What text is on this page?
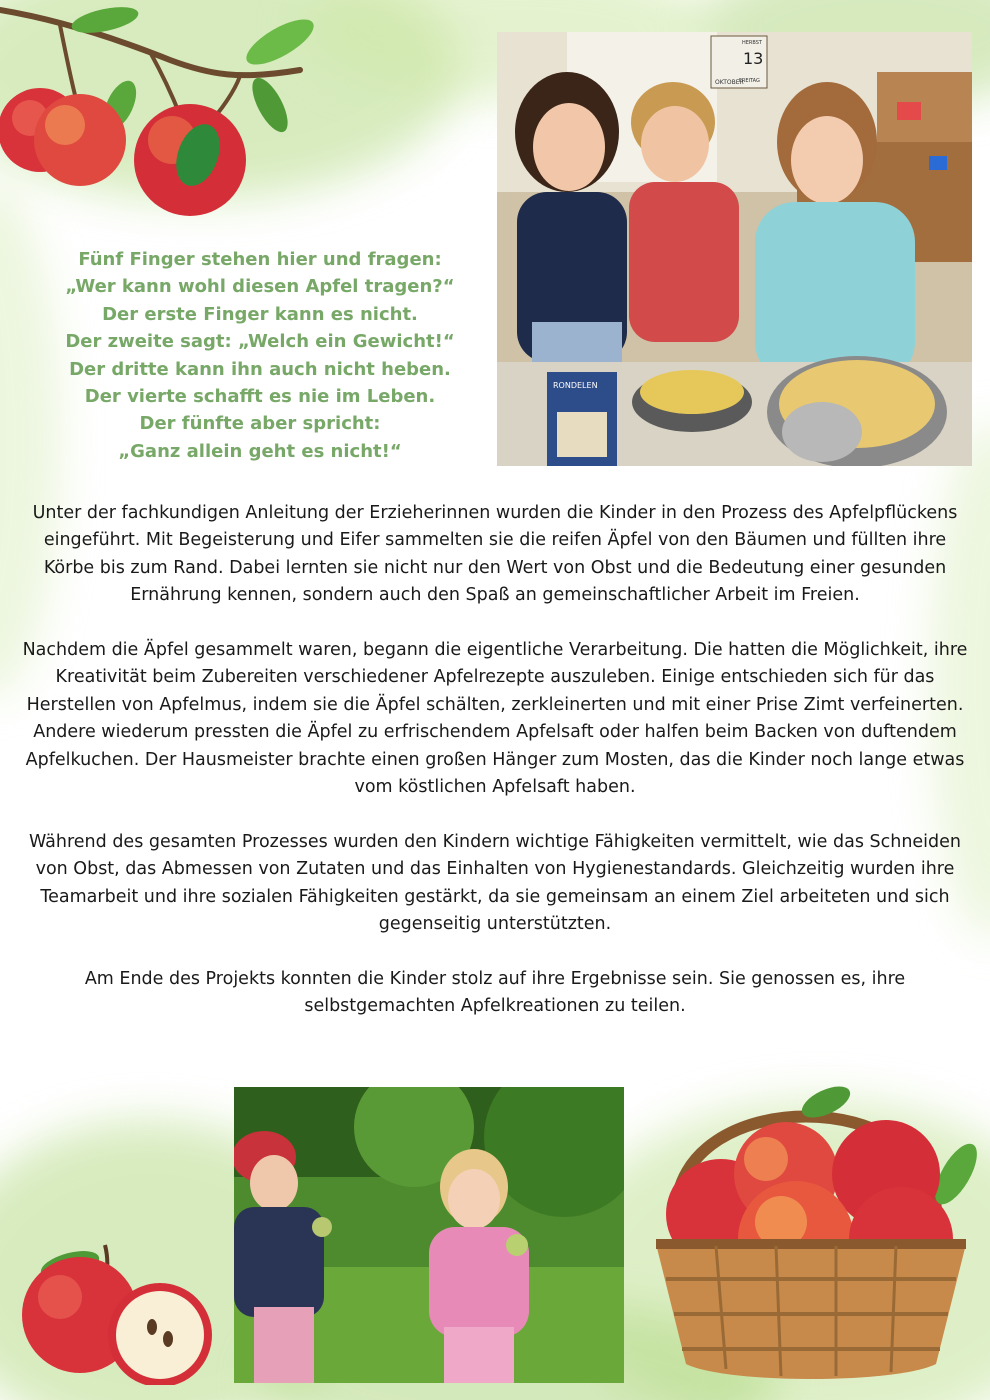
OKTOBER
HERBST
13
FREITAG
RONDELEN
Fünf Finger stehen hier und fragen:
„Wer kann wohl diesen Apfel tragen?“
Der erste Finger kann es nicht.
Der zweite sagt: „Welch ein Gewicht!“
Der dritte kann ihn auch nicht heben.
Der vierte schafft es nie im Leben.
Der fünfte aber spricht:
„Ganz allein geht es nicht!“

Unter der fachkundigen Anleitung der Erzieherinnen wurden die Kinder in den Prozess des Apfelpflückens eingeführt. Mit Begeisterung und Eifer sammelten sie die reifen Äpfel von den Bäumen und füllten ihre Körbe bis zum Rand. Dabei lernten sie nicht nur den Wert von Obst und die Bedeutung einer gesunden Ernährung kennen, sondern auch den Spaß an gemeinschaftlicher Arbeit im Freien.

Nachdem die Äpfel gesammelt waren, begann die eigentliche Verarbeitung. Die hatten die Möglichkeit, ihre Kreativität beim Zubereiten verschiedener Apfelrezepte auszuleben. Einige entschieden sich für das Herstellen von Apfelmus, indem sie die Äpfel schälten, zerkleinerten und mit einer Prise Zimt verfeinerten. Andere wiederum pressten die Äpfel zu erfrischendem Apfelsaft oder halfen beim Backen von duftendem Apfelkuchen. Der Hausmeister brachte einen großen Hänger zum Mosten, das die Kinder noch lange etwas vom köstlichen Apfelsaft haben.

Während des gesamten Prozesses wurden den Kindern wichtige Fähigkeiten vermittelt, wie das Schneiden von Obst, das Abmessen von Zutaten und das Einhalten von Hygienestandards. Gleichzeitig wurden ihre Teamarbeit und ihre sozialen Fähigkeiten gestärkt, da sie gemeinsam an einem Ziel arbeiteten und sich gegenseitig unterstützten.

Am Ende des Projekts konnten die Kinder stolz auf ihre Ergebnisse sein. Sie genossen es, ihre selbstgemachten Apfelkreationen zu teilen.
